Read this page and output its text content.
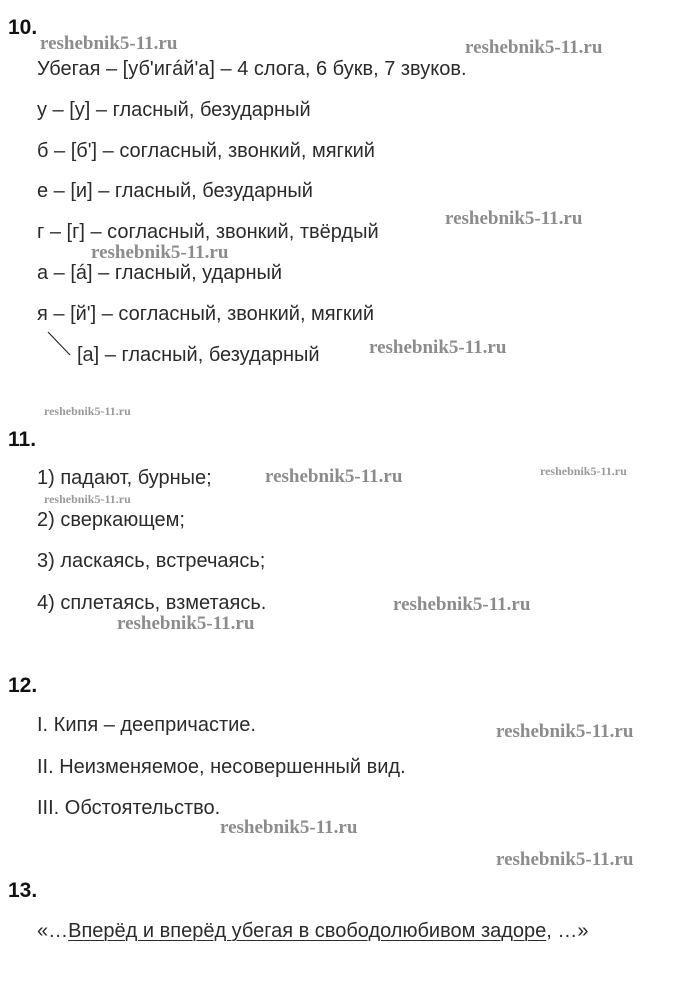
10.
Убегая – [уб'игáй'а] – 4 слога, 6 букв, 7 звуков.
у – [у] – гласный, безударный
б – [б'] – согласный, звонкий, мягкий
е – [и] – гласный, безударный
г – [г] – согласный, звонкий, твёрдый
а – [á] – гласный, ударный
я – [й'] – согласный, звонкий, мягкий
[а] – гласный, безударный
11.
1) падают, бурные;
2) сверкающем;
3) ласкаясь, встречаясь;
4) сплетаясь, взметаясь.
12.
I. Кипя – деепричастие.
II. Неизменяемое, несовершенный вид.
III. Обстоятельство.
13.
«…Вперёд и вперёд убегая в свободолюбивом задоре, …»
reshebnik5-11.ru	reshebnik5-11.ru
reshebnik5-11.ru
reshebnik5-11.ru
reshebnik5-11.ru
reshebnik5-11.ru
reshebnik5-11.ru	reshebnik5-11.ru
reshebnik5-11.ru
reshebnik5-11.ru
reshebnik5-11.ru
reshebnik5-11.ru
reshebnik5-11.ru
reshebnik5-11.ru
